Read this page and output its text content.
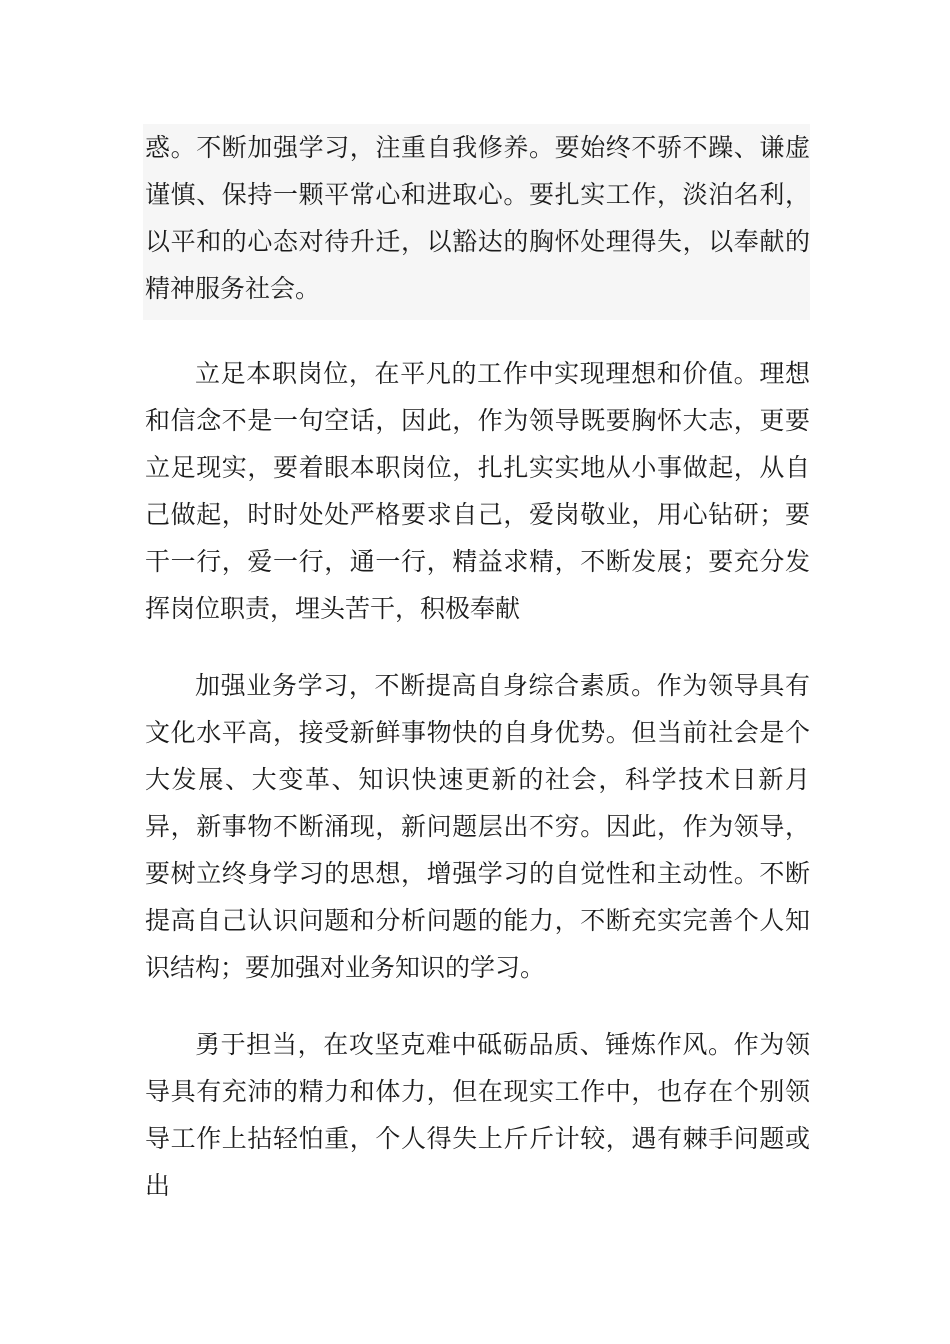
惑。不断加强学习，注重自我修养。要始终不骄不躁、谦虚谨慎、保持一颗平常心和进取心。要扎实工作，淡泊名利，以平和的心态对待升迁，以豁达的胸怀处理得失，以奉献的精神服务社会。

立足本职岗位，在平凡的工作中实现理想和价值。理想和信念不是一句空话，因此，作为领导既要胸怀大志，更要立足现实，要着眼本职岗位，扎扎实实地从小事做起，从自己做起，时时处处严格要求自己，爱岗敬业，用心钻研；要干一行，爱一行，通一行，精益求精，不断发展；要充分发挥岗位职责，埋头苦干，积极奉献

加强业务学习，不断提高自身综合素质。作为领导具有文化水平高，接受新鲜事物快的自身优势。但当前社会是个大发展、大变革、知识快速更新的社会，科学技术日新月异，新事物不断涌现，新问题层出不穷。因此，作为领导，要树立终身学习的思想，增强学习的自觉性和主动性。不断提高自己认识问题和分析问题的能力，不断充实完善个人知识结构；要加强对业务知识的学习。

勇于担当，在攻坚克难中砥砺品质、锤炼作风。作为领导具有充沛的精力和体力，但在现实工作中，也存在个别领导工作上拈轻怕重，个人得失上斤斤计较，遇有棘手问题或出
